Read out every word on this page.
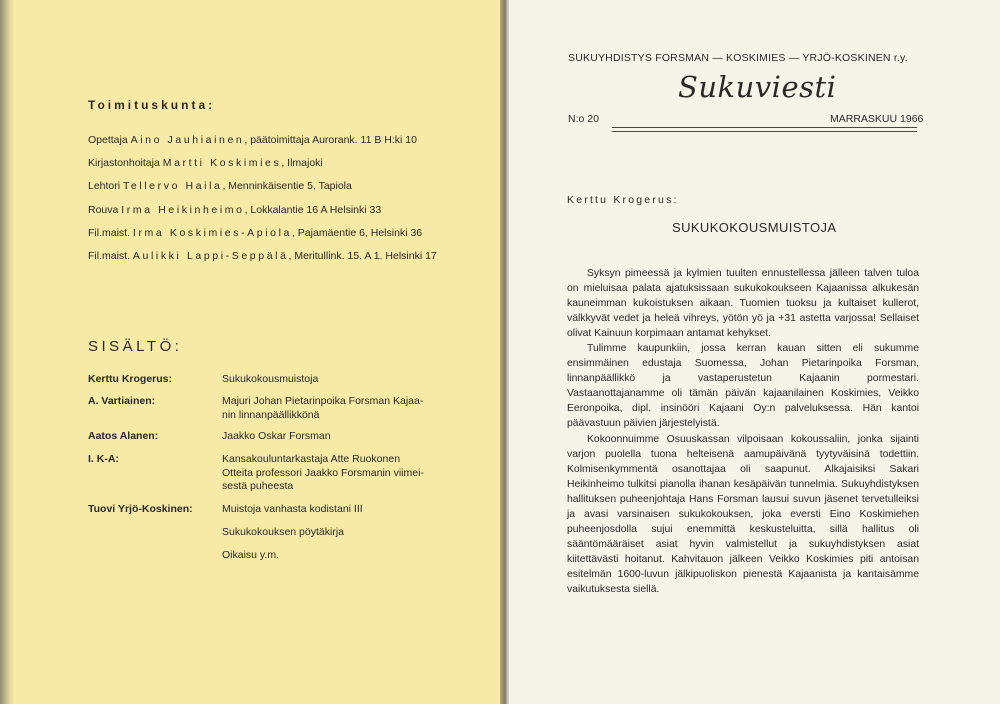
Toimituskunta:
Opettaja Aino Jauhiainen, päätoimittaja Aurorank. 11 B H:ki 10
Kirjastonhoitaja Martti Koskimies, Ilmajoki
Lehtori Tellervo Haila, Menninkäisentie 5, Tapiola
Rouva Irma Heikinheimo, Lokkalantie 16 A Helsinki 33
Fil.maist. Irma Koskimies-Apiola, Pajamäentie 6, Helsinki 36
Fil.maist. Aulikki Lappi-Seppälä, Meritullink. 15. A 1. Helsinki 17
SISÄLTÖ:
Kerttu Krogerus:	Sukukokousmuistoja
A. Vartiainen:	Majuri Johan Pietarinpoika Forsman Kajaa-
nin linnanpäällikkönä
Aatos Alanen:	Jaakko Oskar Forsman
I. K-A:	Kansakouluntarkastaja Atte Ruokonen
Otteita professori Jaakko Forsmanin viimei-
sestä puheesta
Tuovi Yrjö-Koskinen:	Muistoja vanhasta kodistani III
Sukukokouksen pöytäkirja
Oikaisu y.m.
SUKUYHDISTYS FORSMAN — KOSKIMIES — YRJÖ-KOSKINEN r.y.
Sukuviesti
N:o 20	MARRASKUU 1966
Kerttu Krogerus:
SUKUKOKOUSMUISTOJA

Syksyn pimeessä ja kylmien tuulten ennustellessa jälleen talven tuloa on mieluisaa palata ajatuksissaan sukukokoukseen Kajaanissa alkukesän kauneimman kukoistuksen aikaan. Tuomien tuoksu ja kultaiset kullerot, välkkyvät vedet ja heleä vihreys, yötön yö ja +31 astetta varjossa! Sellaiset olivat Kainuun korpimaan antamat kehykset.

Tulimme kaupunkiin, jossa kerran kauan sitten eli sukumme ensimmäinen edustaja Suomessa, Johan Pietarinpoika Forsman, linnanpäällikkö ja vastaperustetun Kajaanin pormestari. Vastaanottajanamme oli tämän päivän kajaanilainen Koskimies, Veikko Eeronpoika, dipl. insinööri Kajaani Oy:n palveluksessa. Hän kantoi päävastuun päivien järjestelyistä.

Kokoonnuimme Osuuskassan vilpoisaan kokoussaliin, jonka sijainti varjon puolella tuona helteisenä aamupäivänä tyytyväisinä todettiin. Kolmisenkymmentä osanottajaa oli saapunut. Alkajaisiksi Sakari Heikinheimo tulkitsi pianolla ihanan kesäpäivän tunnelmia. Sukuyhdistyksen hallituksen puheenjohtaja Hans Forsman lausui suvun jäsenet tervetulleiksi ja avasi varsinaisen sukukokouksen, joka eversti Eino Koskimiehen puheenjosdolla sujui enemmittä keskusteluitta, sillä hallitus oli sääntömääräiset asiat hyvin valmistellut ja sukuyhdistyksen asiat kiitettävästi hoitanut. Kahvitauon jälkeen Veikko Koskimies piti antoisan esitelmän 1600-luvun jälkipuoliskon pienestä Kajaanista ja kantaisämme vaikutuksesta siellä.
